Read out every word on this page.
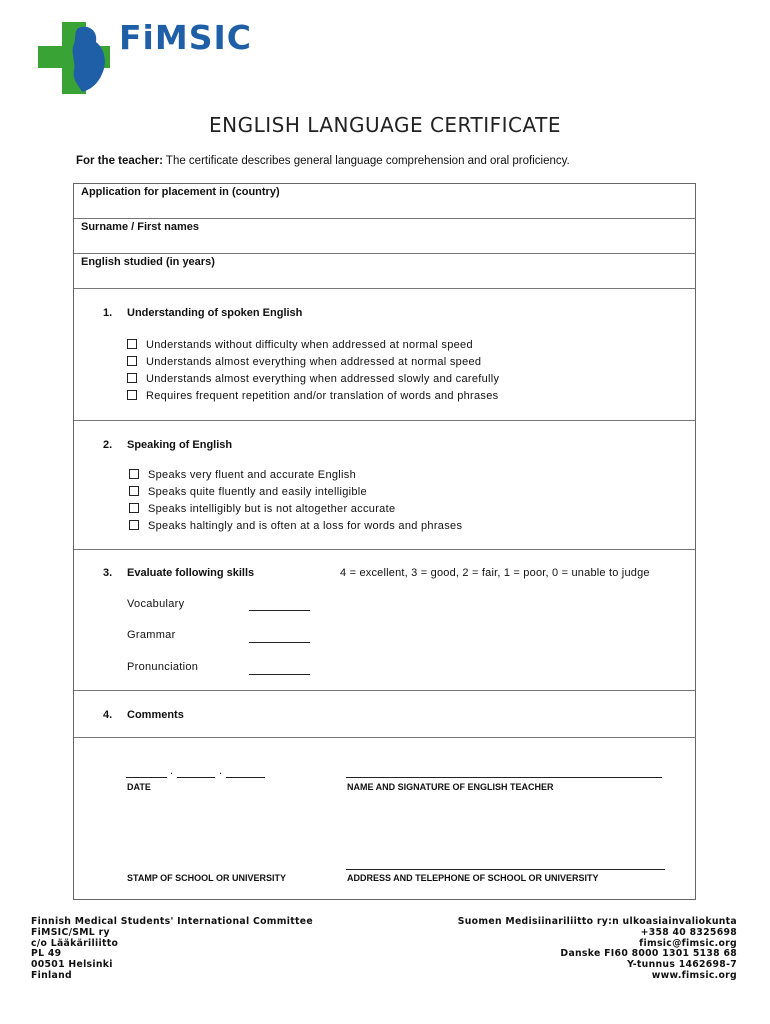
FiMSIC
ENGLISH LANGUAGE CERTIFICATE
For the teacher: The certificate describes general language comprehension and oral proficiency.
Application for placement in (country)
Surname / First names
English studied (in years)
1. Understanding of spoken English
Understands without difficulty when addressed at normal speed
Understands almost everything when addressed at normal speed
Understands almost everything when addressed slowly and carefully
Requires frequent repetition and/or translation of words and phrases
2. Speaking of English
Speaks very fluent and accurate English
Speaks quite fluently and easily intelligible
Speaks intelligibly but is not altogether accurate
Speaks haltingly and is often at a loss for words and phrases
3. Evaluate following skills	4 = excellent, 3 = good, 2 = fair, 1 = poor, 0 = unable to judge
Vocabulary
Grammar
Pronunciation
4. Comments
.	.
DATE	NAME AND SIGNATURE OF ENGLISH TEACHER
STAMP OF SCHOOL OR UNIVERSITY	ADDRESS AND TELEPHONE OF SCHOOL OR UNIVERSITY
Finnish Medical Students' International Committee
FiMSIC/SML ry
c/o Lääkäriliitto
PL 49
00501 Helsinki
Finland
Suomen Medisiinariliitto ry:n ulkoasiainvaliokunta
+358 40 8325698
fimsic@fimsic.org
Danske FI60 8000 1301 5138 68
Y-tunnus 1462698-7
www.fimsic.org
